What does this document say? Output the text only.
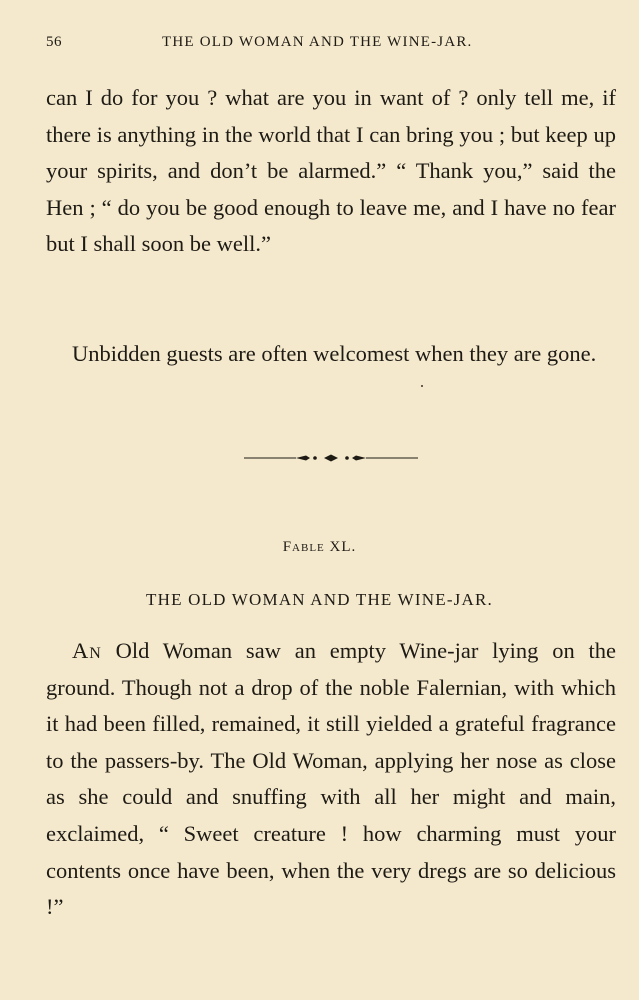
56	THE OLD WOMAN AND THE WINE-JAR.
can I do for you ? what are you in want of ? only tell me, if there is anything in the world that I can bring you ; but keep up your spirits, and don’t be alarmed.” “ Thank you,” said the Hen ; “ do you be good enough to leave me, and I have no fear but I shall soon be well.”
Unbidden guests are often welcomest when they are gone.
Fable XL.
THE OLD WOMAN AND THE WINE-JAR.
An Old Woman saw an empty Wine-jar lying on the ground. Though not a drop of the noble Falernian, with which it had been filled, remained, it still yielded a grateful fragrance to the passers-by. The Old Woman, applying her nose as close as she could and snuffing with all her might and main, exclaimed, “ Sweet creature ! how charming must your contents once have been, when the very dregs are so delicious !”
